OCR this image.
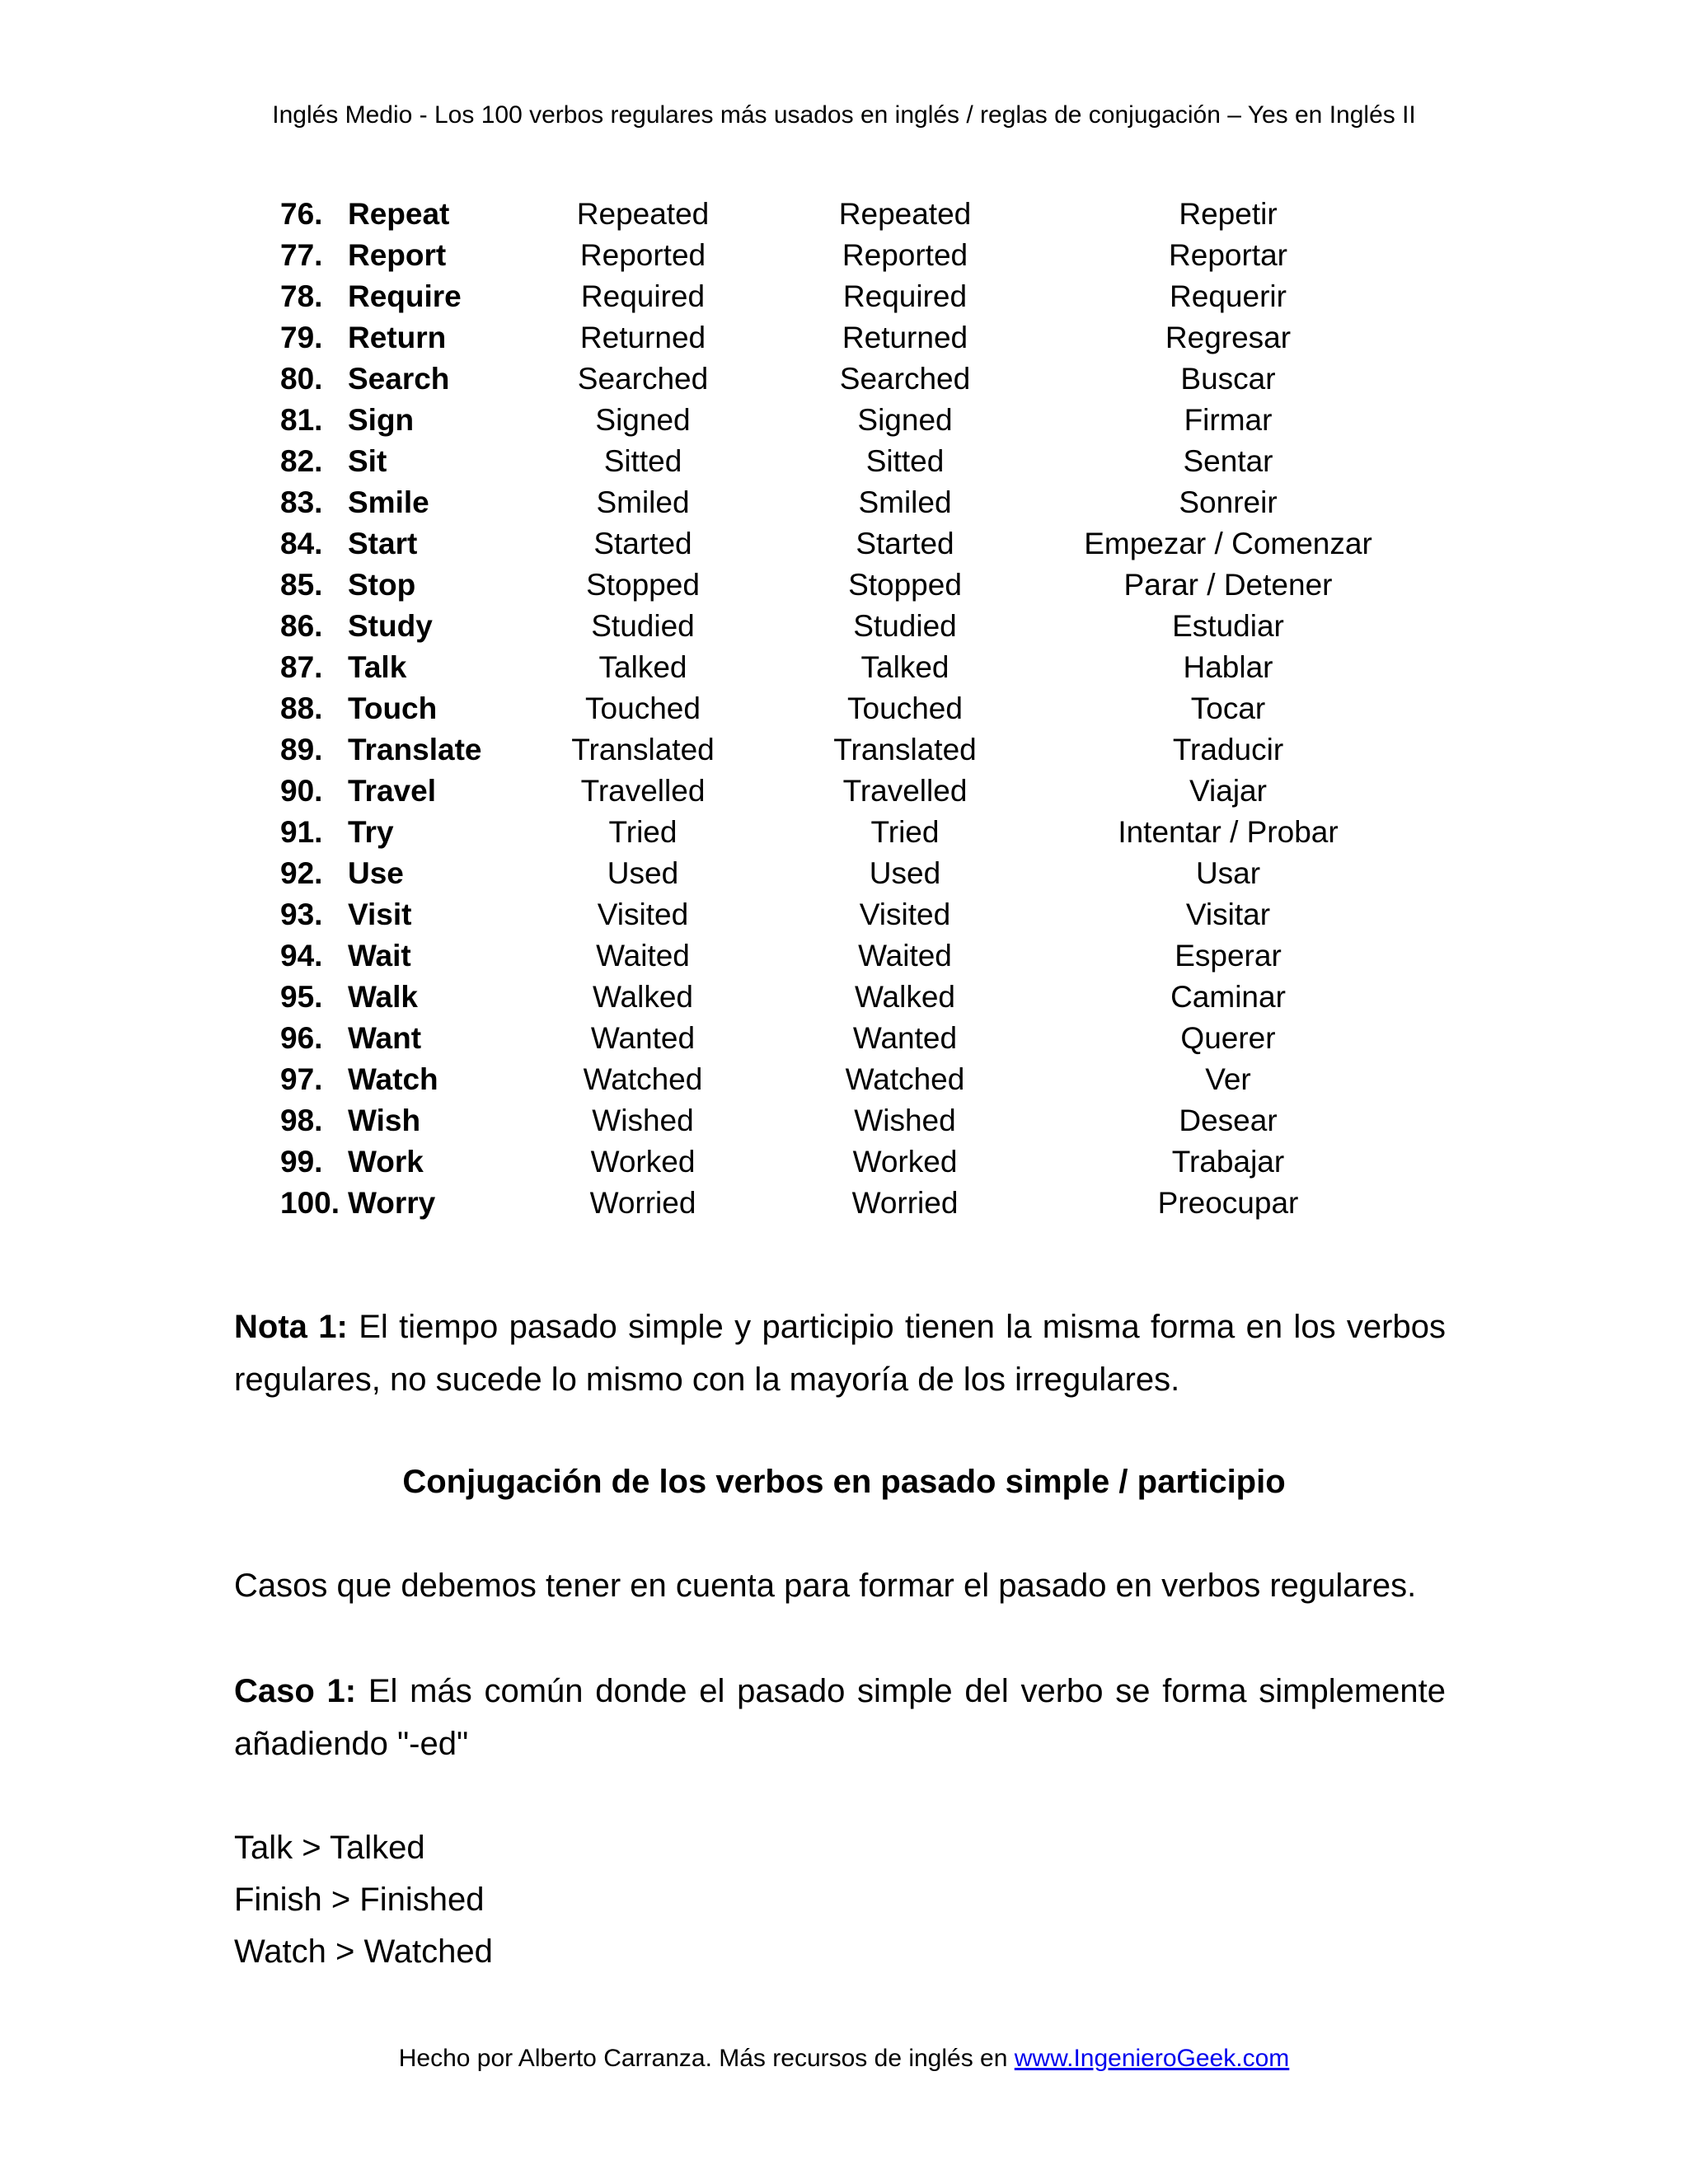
Inglés Medio - Los 100 verbos regulares más usados en inglés / reglas de conjugación – Yes en Inglés II
76. Repeat	Repeated	Repeated	Repetir
77. Report	Reported	Reported	Reportar
78. Require	Required	Required	Requerir
79. Return	Returned	Returned	Regresar
80. Search	Searched	Searched	Buscar
81. Sign	Signed	Signed	Firmar
82. Sit	Sitted	Sitted	Sentar
83. Smile	Smiled	Smiled	Sonreir
84. Start	Started	Started	Empezar / Comenzar
85. Stop	Stopped	Stopped	Parar / Detener
86. Study	Studied	Studied	Estudiar
87. Talk	Talked	Talked	Hablar
88. Touch	Touched	Touched	Tocar
89. Translate	Translated	Translated	Traducir
90. Travel	Travelled	Travelled	Viajar
91. Try	Tried	Tried	Intentar / Probar
92. Use	Used	Used	Usar
93. Visit	Visited	Visited	Visitar
94. Wait	Waited	Waited	Esperar
95. Walk	Walked	Walked	Caminar
96. Want	Wanted	Wanted	Querer
97. Watch	Watched	Watched	Ver
98. Wish	Wished	Wished	Desear
99. Work	Worked	Worked	Trabajar
100. Worry	Worried	Worried	Preocupar
Nota 1: El tiempo pasado simple y participio tienen la misma forma en los verbos regulares, no sucede lo mismo con la mayoría de los irregulares.
Conjugación de los verbos en pasado simple / participio
Casos que debemos tener en cuenta para formar el pasado en verbos regulares.
Caso 1: El más común donde el pasado simple del verbo se forma simplemente añadiendo "-ed"
Talk > Talked
Finish > Finished
Watch > Watched
Hecho por Alberto Carranza. Más recursos de inglés en www.IngenieroGeek.com
